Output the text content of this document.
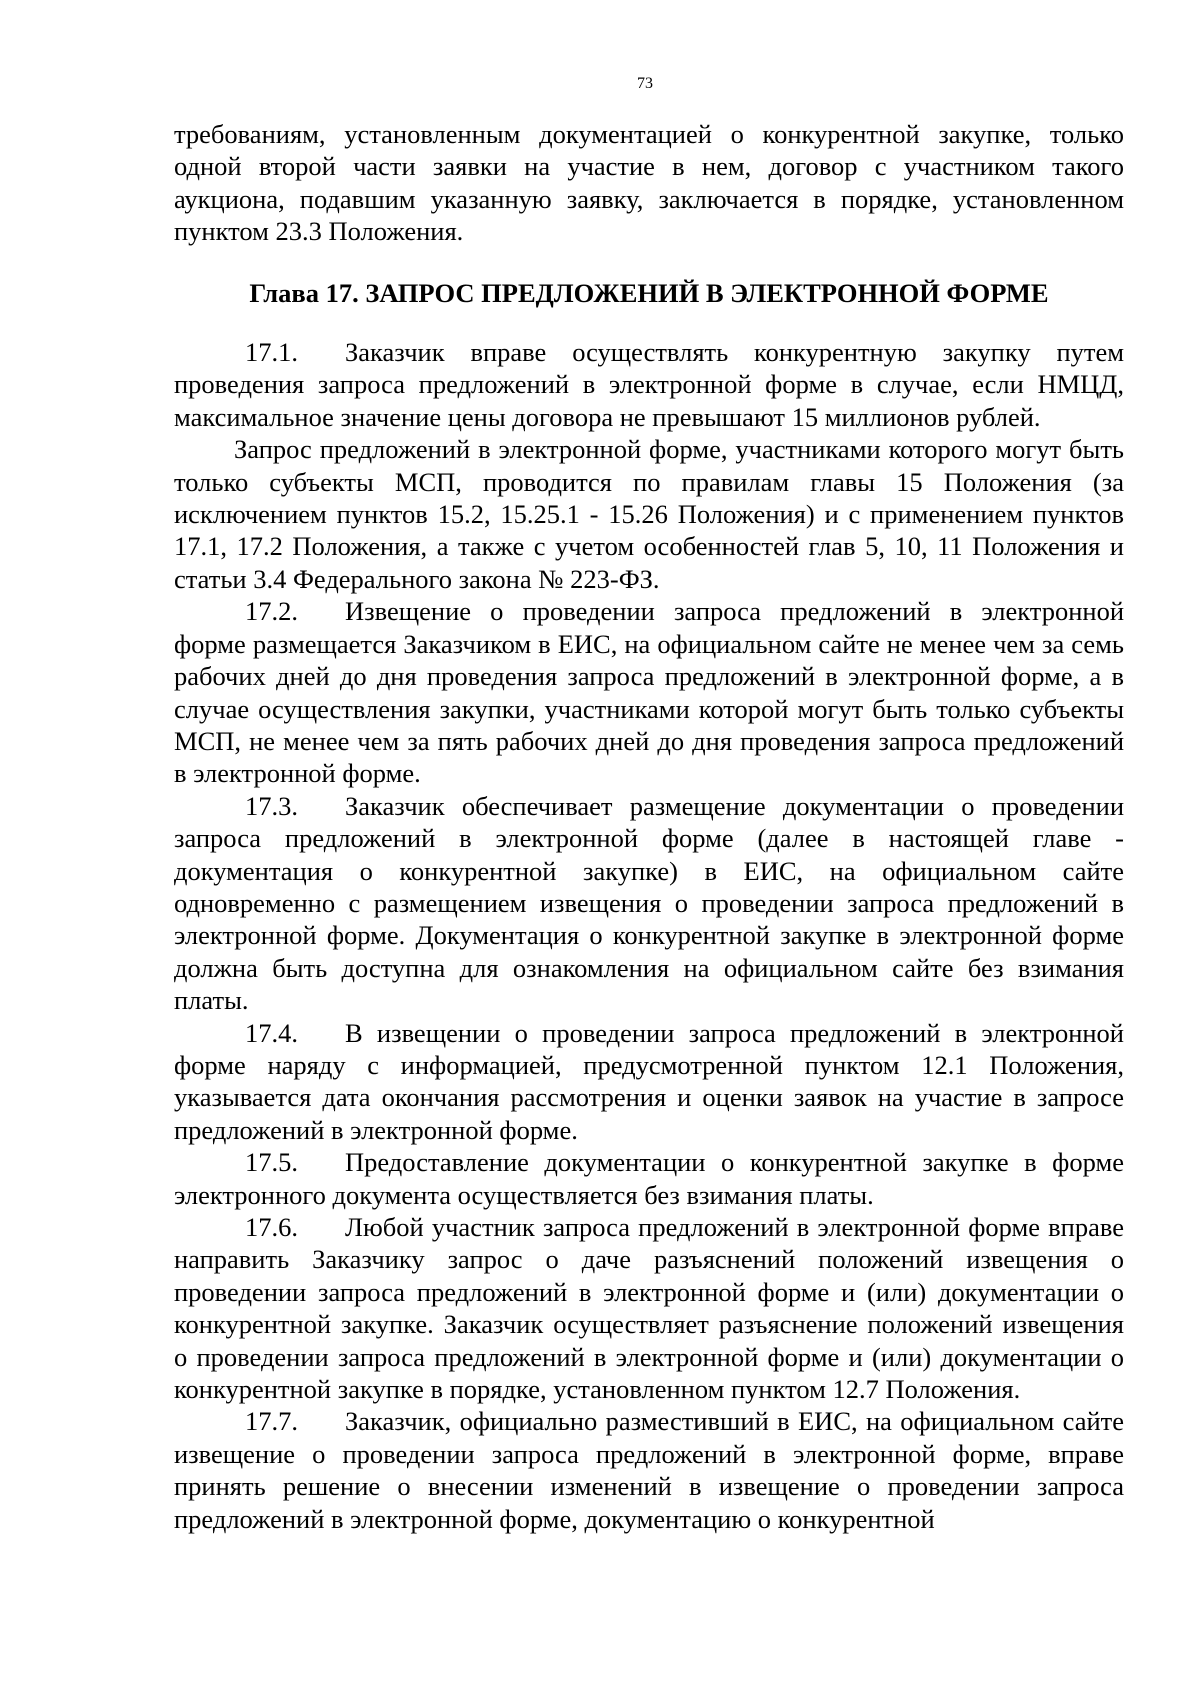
73

требованиям, установленным документацией о конкурентной закупке, только одной второй части заявки на участие в нем, договор с участником такого аукциона, подавшим указанную заявку, заключается в порядке, установленном пунктом 23.3 Положения.

Глава 17. ЗАПРОС ПРЕДЛОЖЕНИЙ В ЭЛЕКТРОННОЙ ФОРМЕ

17.1. Заказчик вправе осуществлять конкурентную закупку путем проведения запроса предложений в электронной форме в случае, если НМЦД, максимальное значение цены договора не превышают 15 миллионов рублей.

Запрос предложений в электронной форме, участниками которого могут быть только субъекты МСП, проводится по правилам главы 15 Положения (за исключением пунктов 15.2, 15.25.1 - 15.26 Положения) и с применением пунктов 17.1, 17.2 Положения, а также с учетом особенностей глав 5, 10, 11 Положения и статьи 3.4 Федерального закона № 223-ФЗ.

17.2. Извещение о проведении запроса предложений в электронной форме размещается Заказчиком в ЕИС, на официальном сайте не менее чем за семь рабочих дней до дня проведения запроса предложений в электронной форме, а в случае осуществления закупки, участниками которой могут быть только субъекты МСП, не менее чем за пять рабочих дней до дня проведения запроса предложений в электронной форме.

17.3. Заказчик обеспечивает размещение документации о проведении запроса предложений в электронной форме (далее в настоящей главе - документация о конкурентной закупке) в ЕИС, на официальном сайте одновременно с размещением извещения о проведении запроса предложений в электронной форме. Документация о конкурентной закупке в электронной форме должна быть доступна для ознакомления на официальном сайте без взимания платы.

17.4. В извещении о проведении запроса предложений в электронной форме наряду с информацией, предусмотренной пунктом 12.1 Положения, указывается дата окончания рассмотрения и оценки заявок на участие в запросе предложений в электронной форме.

17.5. Предоставление документации о конкурентной закупке в форме электронного документа осуществляется без взимания платы.

17.6. Любой участник запроса предложений в электронной форме вправе направить Заказчику запрос о даче разъяснений положений извещения о проведении запроса предложений в электронной форме и (или) документации о конкурентной закупке. Заказчик осуществляет разъяснение положений извещения о проведении запроса предложений в электронной форме и (или) документации о конкурентной закупке в порядке, установленном пунктом 12.7 Положения.

17.7. Заказчик, официально разместивший в ЕИС, на официальном сайте извещение о проведении запроса предложений в электронной форме, вправе принять решение о внесении изменений в извещение о проведении запроса предложений в электронной форме, документацию о конкурентной
